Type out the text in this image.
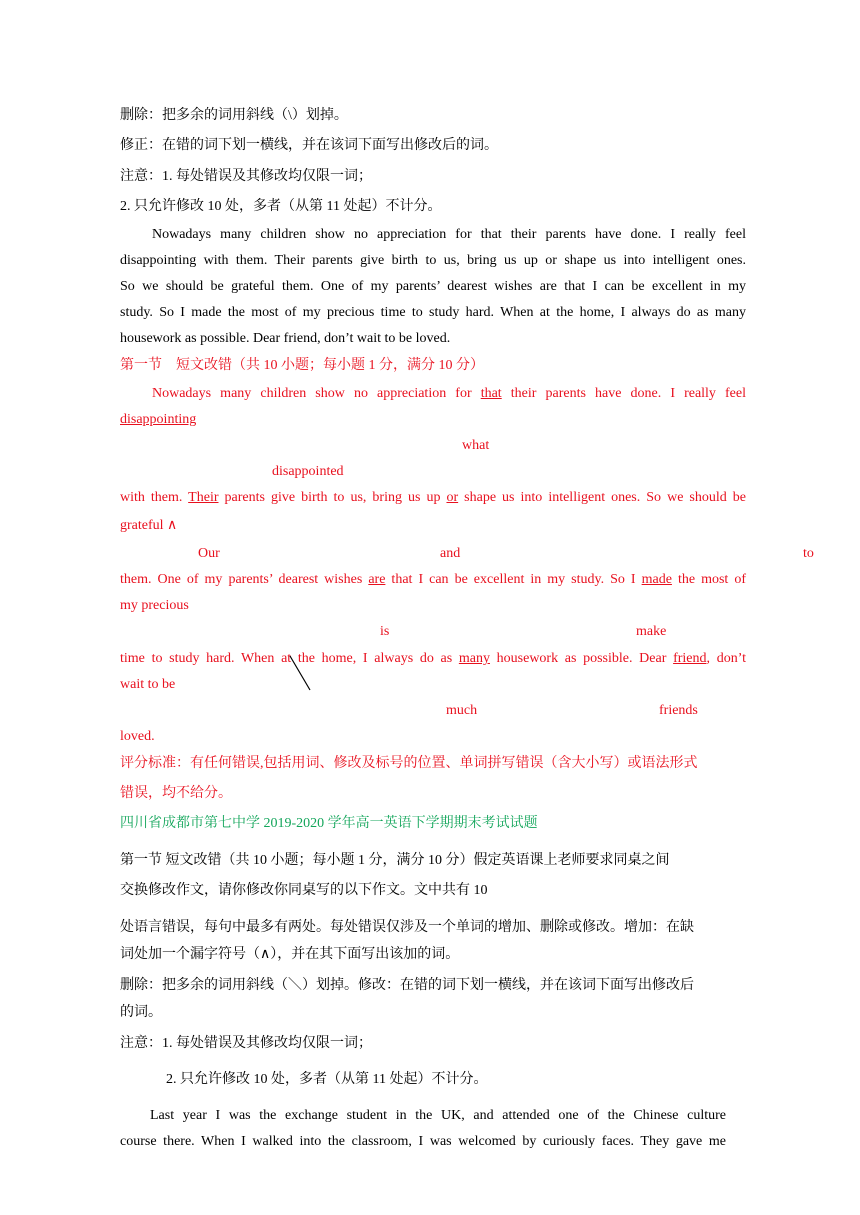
删除：把多余的词用斜线（\）划掉。
修正：在错的词下划一横线，并在该词下面写出修改后的词。
注意：1. 每处错误及其修改均仅限一词；
2. 只允许修改 10 处，多者（从第 11 处起）不计分。
Nowadays many children show no appreciation for that their parents have done. I really feel
disappointing with them. Their parents give birth to us, bring us up or shape us into intelligent ones.
So we should be grateful them. One of my parents’ dearest wishes are that I can be excellent in my
study. So I made the most of my precious time to study hard. When at the home, I always do as many
housework as possible. Dear friend, don’t wait to be loved.
第一节　短文改错（共 10 小题；每小题 1 分，满分 10 分）
Nowadays many children show no appreciation for that their parents have done. I really feel
disappointing
what
disappointed
with them. Their parents give birth to us, bring us up or shape us into intelligent ones. So we should be
grateful ∧
Our	and	to
them. One of my parents’ dearest wishes are that I can be excellent in my study. So I made the most of
my precious
is	make
time to study hard. When at the home, I always do as many housework as possible. Dear friend, don’t
wait to be
much	friends
loved.
评分标准：有任何错误,包括用词、修改及标号的位置、单词拼写错误（含大小写）或语法形式
错误，均不给分。
四川省成都市第七中学 2019-2020 学年高一英语下学期期末考试试题
第一节 短文改错（共 10 小题；每小题 1 分，满分 10 分）假定英语课上老师要求同桌之间
交换修改作文，请你修改你同桌写的以下作文。文中共有 10
处语言错误，每句中最多有两处。每处错误仅涉及一个单词的增加、删除或修改。增加：在缺
词处加一个漏字符号（∧），并在其下面写出该加的词。
删除：把多余的词用斜线（＼）划掉。修改：在错的词下划一横线，并在该词下面写出修改后
的词。
注意：1. 每处错误及其修改均仅限一词；
2. 只允许修改 10 处，多者（从第 11 处起）不计分。
Last year I was the exchange student in the UK, and attended one of the Chinese culture
course there. When I walked into the classroom, I was welcomed by curiously faces. They gave me
